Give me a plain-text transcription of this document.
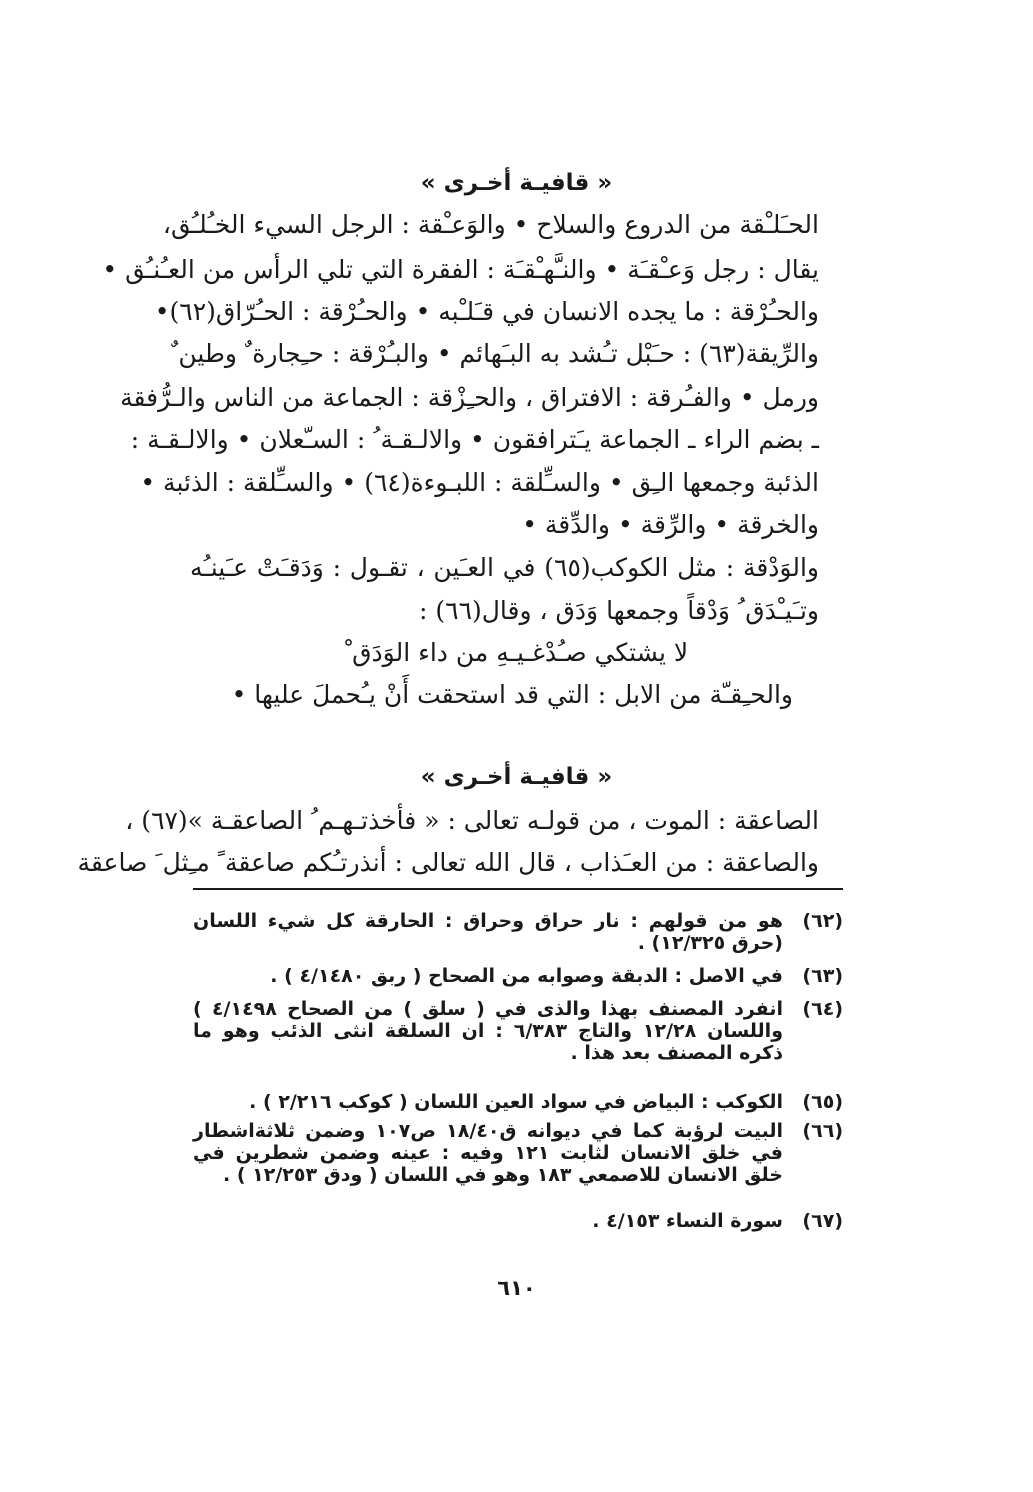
« قافيـة أخـرى »
الحـَلـْقة من الدروع والسلاح • والوَعـْقة : الرجل السيء الخـُلـُق،
يقال : رجل وَعـْقـَة • والنـَّهـْقـَة : الفقرة التي تلي الرأس من العـُنـُق •
والحـُرْقة : ما يجده الانسان في قـَلـْبه • والحـُرْقة : الحـُرّاق(٦٢)•
والرِّيقة(٦٣) : حـَبْل تـُشد به البـَهائم • والبـُرْقة : حـِجارة ٌ وطين ٌ
ورمل • والفـُرقة : الافتراق ، والحـِزْقة : الجماعة من الناس والـرُّفقة
ـ بضم الراء ـ الجماعة يـَترافقون • والالـقـة ُ : السـّعلان • والالـقـة :
الذئبة وجمعها الـِق • والسـِّلقة : اللبـوءة(٦٤) • والسـِّلقة : الذئبة •
والخرقة • والرِّقة • والدِّقة •
والوَدْقة : مثل الكوكب(٦٥) في العـَين ، تقـول : وَدَقـَتْ عـَينـُه
وتـَيـْدَق ُ وَدْقاً وجمعها وَدَق ، وقال(٦٦) :
لا يشتكي صـُدْغـيـهِ من داء الوَدَق ْ
والحـِقـّة من الابل : التي قد استحقت أَنْ يـُحملَ عليها •
« قافيـة أخـرى »
الصاعقة : الموت ، من قولـه تعالى : « فأخذتـهـم ُ الصاعقـة »(٦٧) ،
والصاعقة : من العـَذاب ، قال الله تعالى : أنذرتـُكم صاعقة ً مـِثل َ صاعقة
(٦٢)
هو من قولهم : نار حراق وحراق : الحارقة كل شيء اللسان (حرق ١٢/٣٢٥) .
(٦٣)
في الاصل : الدبقة وصوابه من الصحاح ( ربق ٤/١٤٨٠ ) .
(٦٤)
انفرد المصنف بهذا والذى في ( سلق ) من الصحاح ٤/١٤٩٨ ) واللسان ١٢/٢٨ والتاج ٦/٣٨٣ : ان السلقة انثى الذئب وهو ما ذكره المصنف بعد هذا .
(٦٥)
الكوكب : البياض في سواد العين اللسان ( كوكب ٢/٢١٦ ) .
(٦٦)
البيت لرؤبة كما في ديوانه ق١٨/٤٠ ص١٠٧ وضمن ثلاثةاشطار في خلق الانسان لثابت ١٢١ وفيه : عينه وضمن شطرين في خلق الانسان للاصمعي ١٨٣ وهو في اللسان ( ودق ١٢/٢٥٣ ) .
(٦٧)
سورة النساء ٤/١٥٣ .
٦١٠
